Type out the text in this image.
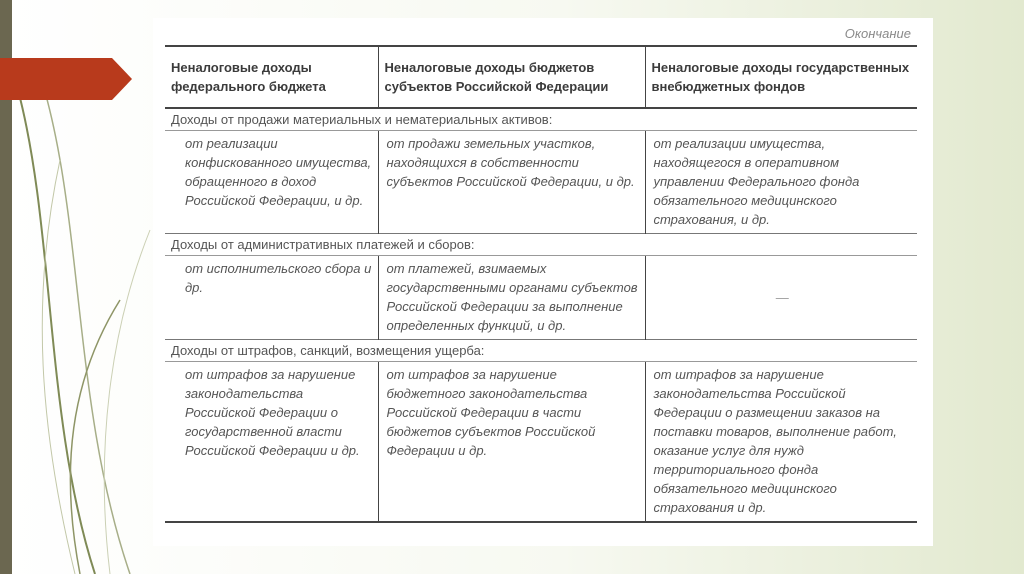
Окончание
Неналоговые доходы федерального бюджета	Неналоговые доходы бюджетов субъектов Российской Федерации	Неналоговые доходы государственных внебюджетных фондов
Доходы от продажи материальных и нематериальных активов:		
от реализации конфискованного имущества, обращенного в доход Российской Федерации, и др.	от продажи земельных участков, находящихся в собственности субъектов Российской Федерации, и др.	от реализации имущества, находящегося в оперативном управлении Федерального фонда обязательного медицинского страхования, и др.
Доходы от административных платежей и сборов:		
от исполнительского сбора и др.	от платежей, взимаемых государственными органами субъектов Российской Федерации за выполнение определенных функций, и др.	—
Доходы от штрафов, санкций, возмещения ущерба:		
от штрафов за нарушение законодательства Российской Федерации о государственной власти Российской Федерации и др.	от штрафов за нарушение бюджетного законодательства Российской Федерации в части бюджетов субъектов Российской Федерации и др.	от штрафов за нарушение законодательства Российской Федерации о размещении заказов на поставки товаров, выполнение работ, оказание услуг для нужд территориального фонда обязательного медицинского страхования и др.
